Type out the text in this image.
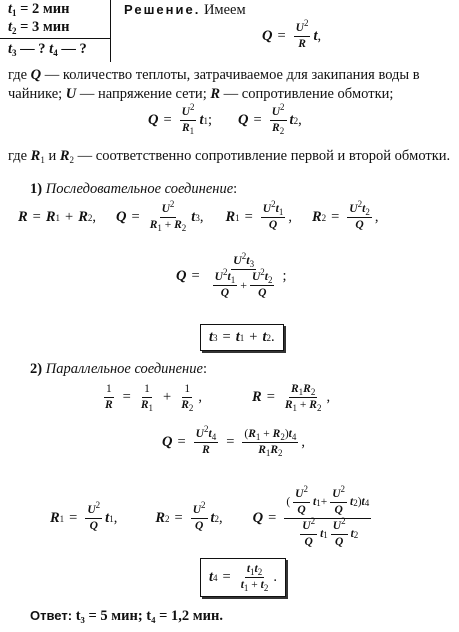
$t_1 = 2$ мин
$t_2 = 3$ мин
$t_3$ — ? $t_4$ — ?
Решение. Имеем
$Q = \frac{U^2}{R}$ t ,
где Q — количество теплоты, затрачиваемое для закипания воды в чайнике; U — напряжение сети; R — сопротивление обмотки;
$Q = \frac{U^2}{R_1}$ t 1 ; $Q = \frac{U^2}{R_2}$ t 2 ,
где $R_1$ и $R_2$ — соответственно сопротивление первой и второй обмотки.
1) Последовательное соединение:
R = R 1 + R 2 , $Q = \frac{U^2}{R_1 + R_2}$ t 3 , R $1 = \frac{U^2t_1}{Q}$ , R $2 = \frac{U^2t_2}{Q}$ ,
$Q = \frac{U^2t_3}{\frac{U^2t_1}{Q} + \frac{U^2t_2}{Q}}$ ;
t 3 = t 1 + t 2 .
2) Параллельное соединение:
$\frac{1}{R} = \frac{1}{R_1} + \frac{1}{R_2}$ ,	$R = \frac{R_1R_2}{R_1 + R_2}$ ,
$Q = \frac{U^2t_4}{R} = \frac{(R_1 + R_2)t_4}{R_1R_2}$ ,
R $1 = \frac{U^2}{Q}$ t 1 ,	R $2 = \frac{U^2}{Q}$ t 2 , $Q = \frac{( \frac{U^2}{Q} t 1 + \frac{U^2}{Q} t 2 ) t 4}{\frac{U^2}{Q} t 1 \frac{U^2}{Q} t 2}$
t $4 = \frac{t_1t_2}{t_1 + t_2}$ .
Ответ: t₃ = 5 мин; t₄ = 1,2 мин.
